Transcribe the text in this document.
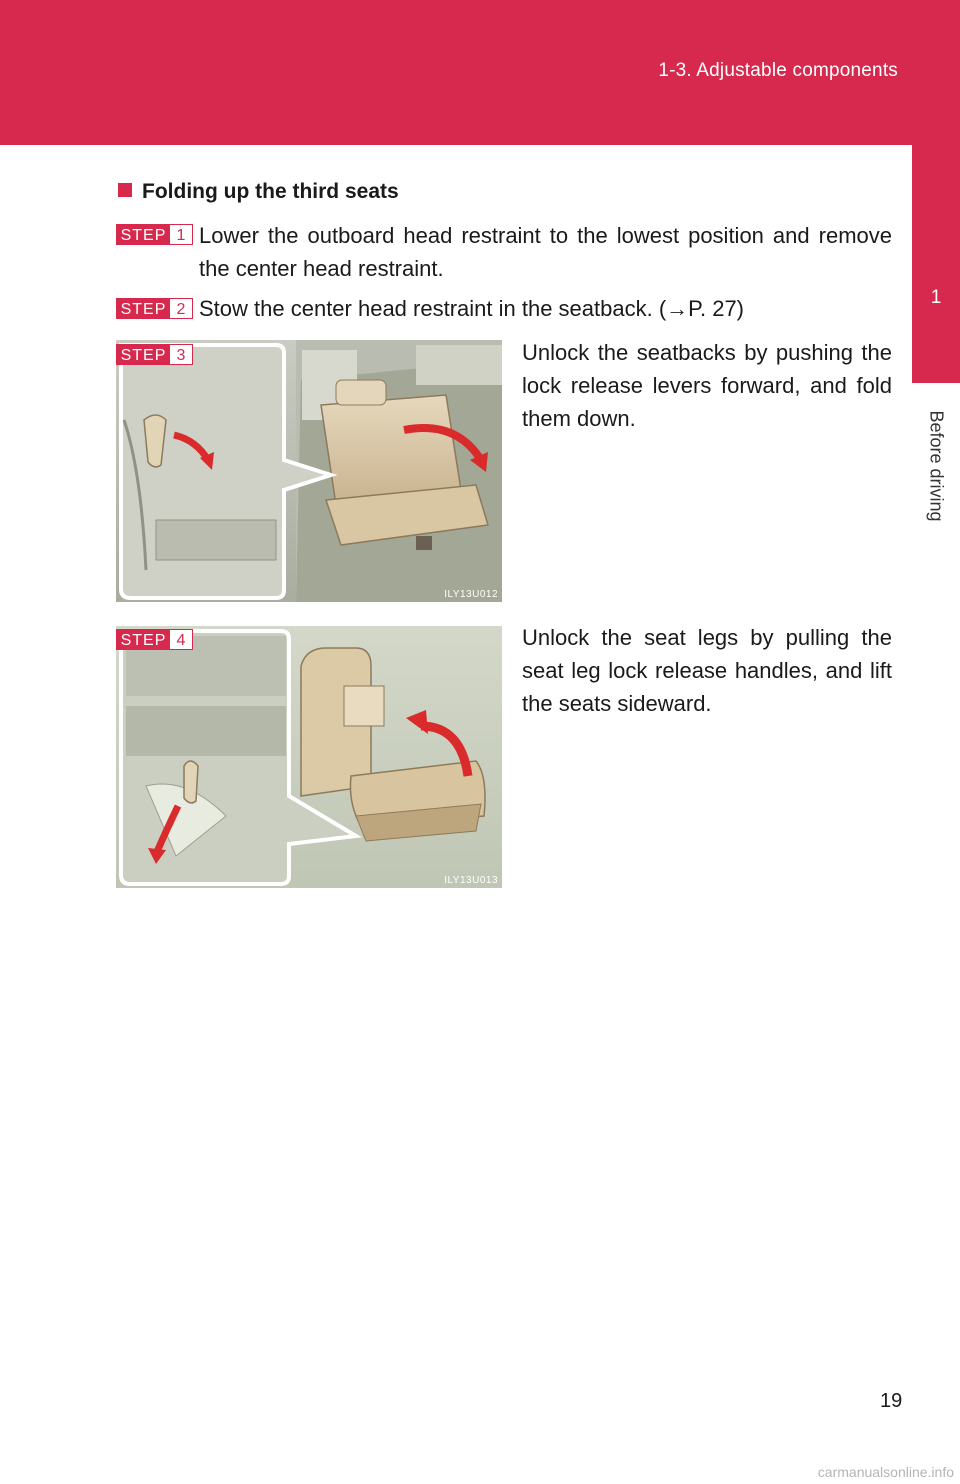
1-3. Adjustable components
1
Before driving
Folding up the third seats
STEP 1 Lower the outboard head restraint to the lowest position and remove the center head restraint.
STEP 2 Stow the center head restraint in the seatback. (→P. 27)
ILY13U012
STEP 3	Unlock the seatbacks by pushing the lock release levers forward, and fold them down.
ILY13U013
STEP 4	Unlock the seat legs by pulling the seat leg lock release handles, and lift the seats sideward.
19
carmanualsonline.info
